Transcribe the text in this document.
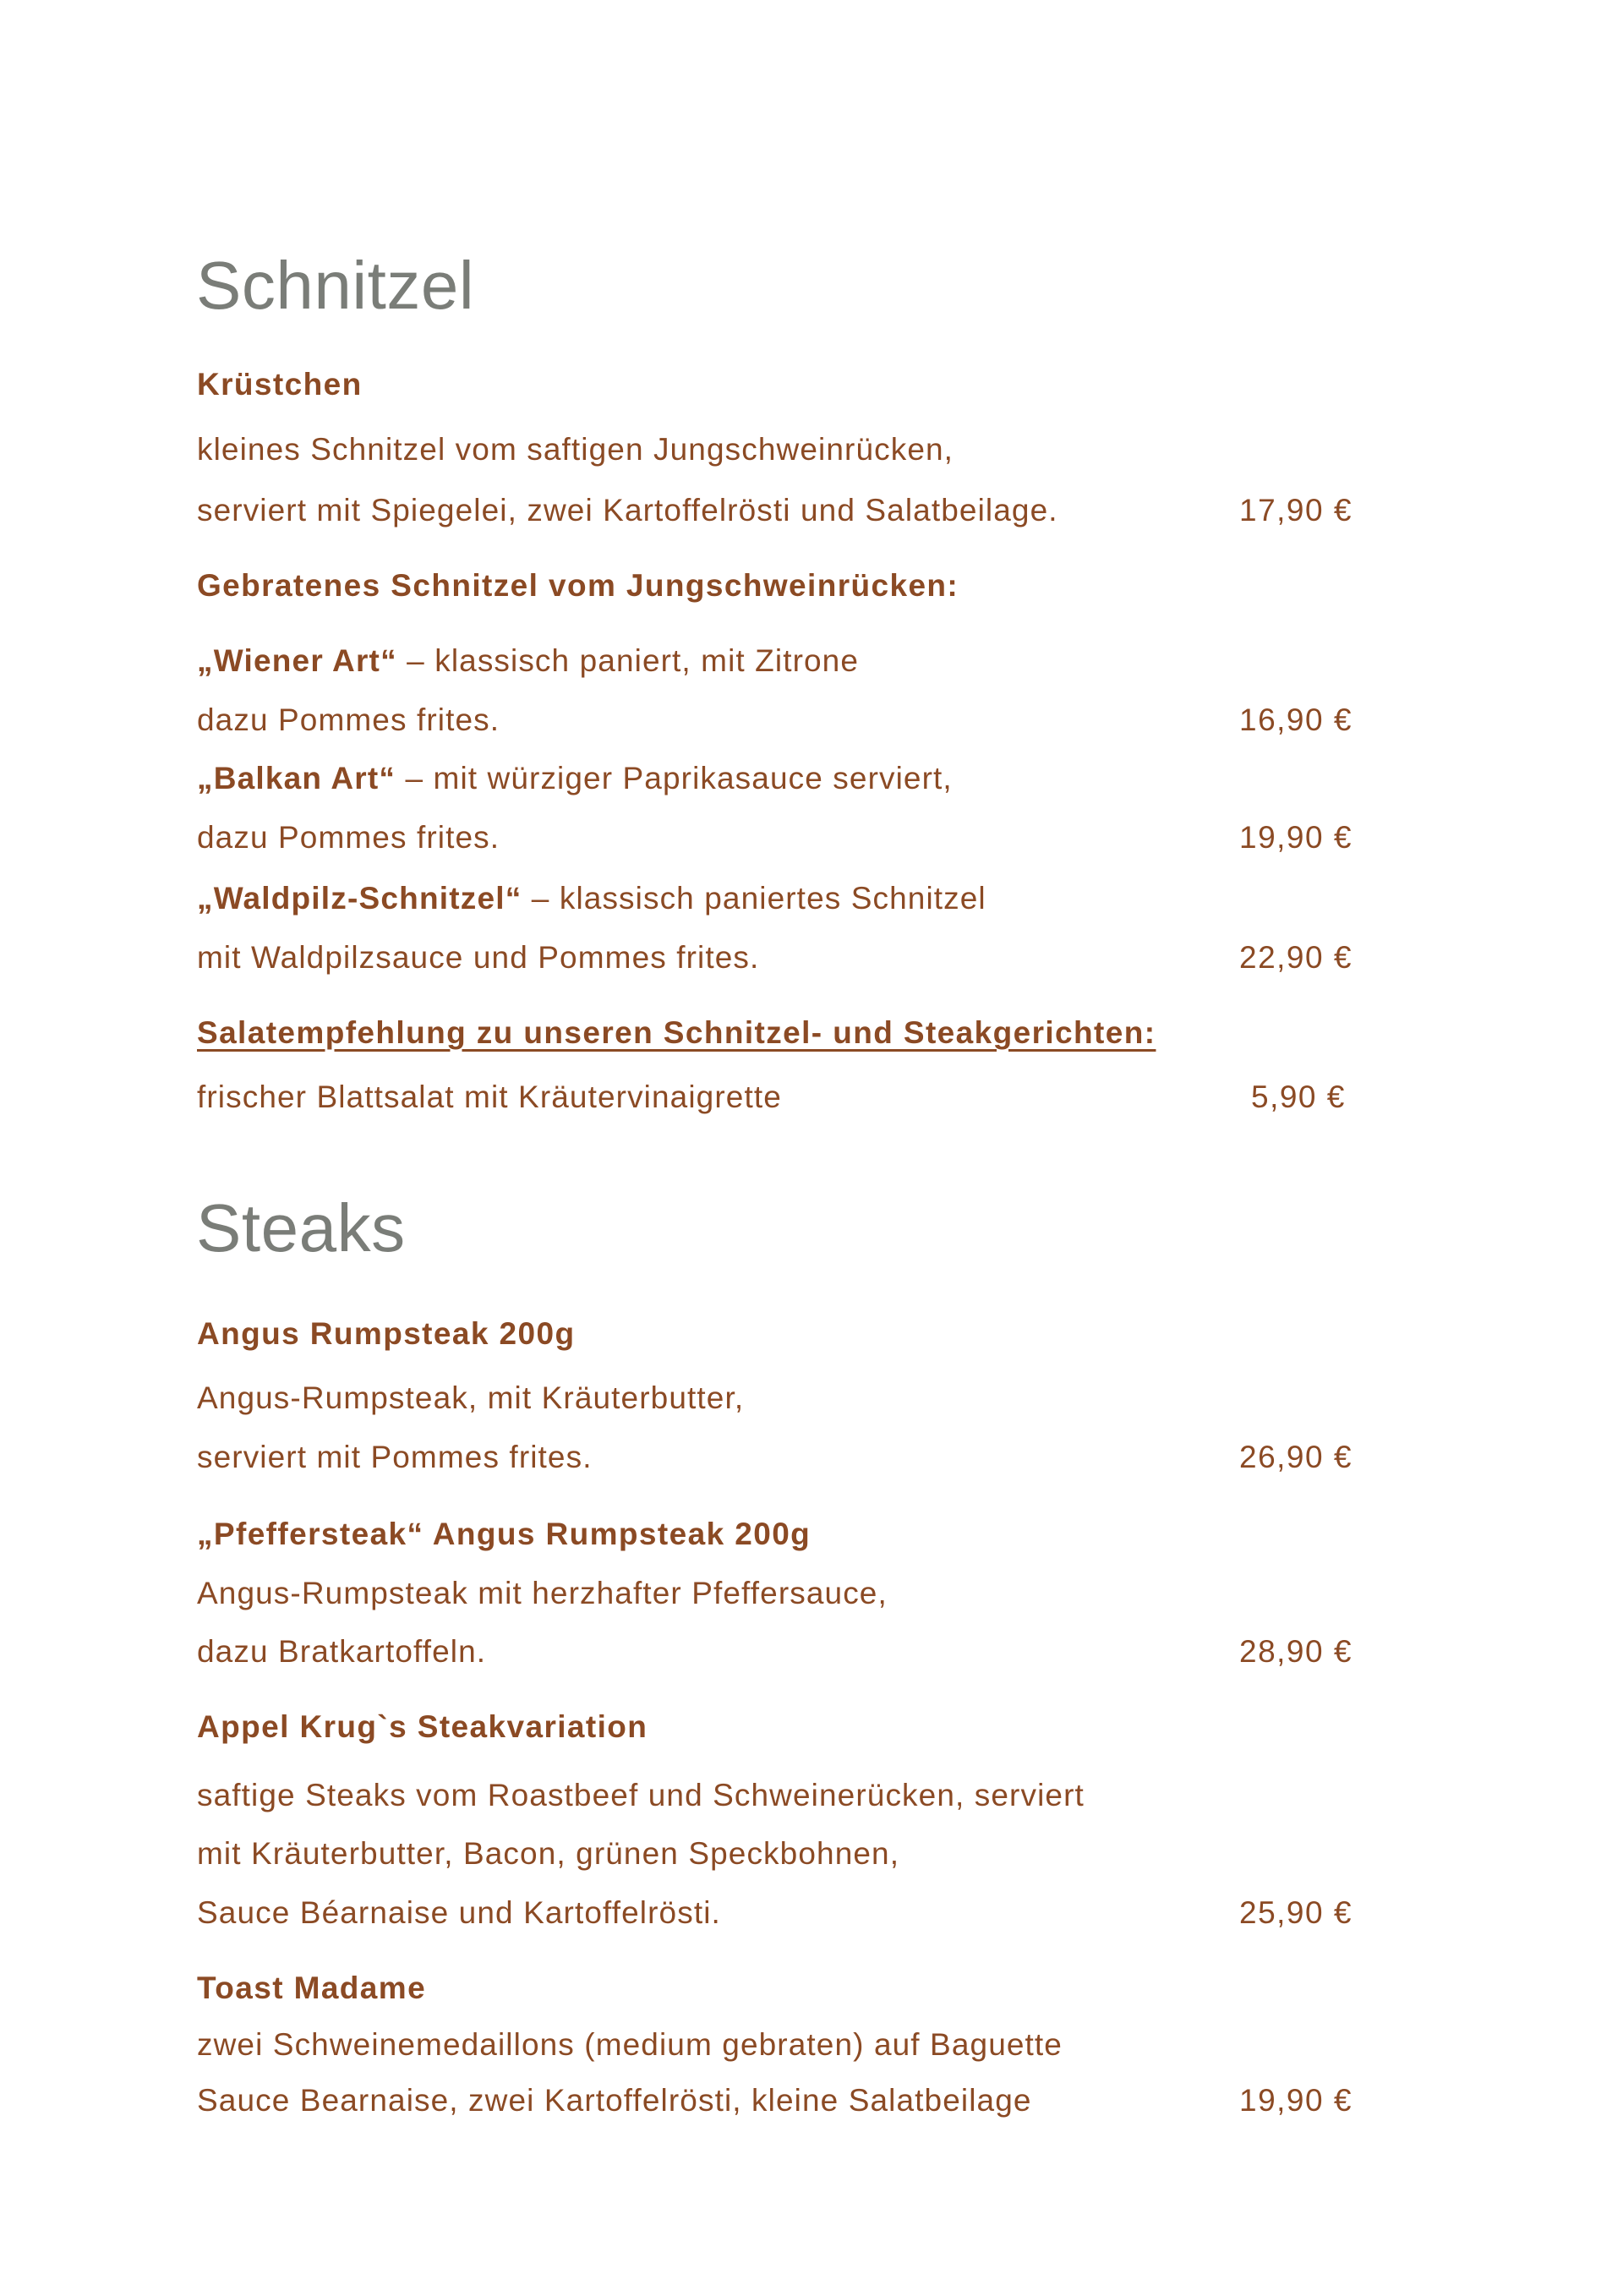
Schnitzel
Krüstchen
kleines Schnitzel vom saftigen Jungschweinrücken,
serviert mit Spiegelei, zwei Kartoffelrösti und Salatbeilage.	17,90 €
Gebratenes Schnitzel vom Jungschweinrücken:
„Wiener Art“ – klassisch paniert, mit Zitrone
dazu Pommes frites.	16,90 €
„Balkan Art“ – mit würziger Paprikasauce serviert,
dazu Pommes frites.	19,90 €
„Waldpilz-Schnitzel“ – klassisch paniertes Schnitzel
mit Waldpilzsauce und Pommes frites.	22,90 €
Salatempfehlung zu unseren Schnitzel- und Steakgerichten:
frischer Blattsalat mit Kräutervinaigrette	5,90 €
Steaks
Angus Rumpsteak 200g
Angus-Rumpsteak, mit Kräuterbutter,
serviert mit Pommes frites.	26,90 €
„Pfeffersteak“ Angus Rumpsteak 200g
Angus-Rumpsteak mit herzhafter Pfeffersauce,
dazu Bratkartoffeln.	28,90 €
Appel Krug`s Steakvariation
saftige Steaks vom Roastbeef und Schweinerücken, serviert
mit Kräuterbutter, Bacon, grünen Speckbohnen,
Sauce Béarnaise und Kartoffelrösti.	25,90 €
Toast Madame
zwei Schweinemedaillons (medium gebraten) auf Baguette
Sauce Bearnaise, zwei Kartoffelrösti, kleine Salatbeilage	19,90 €
